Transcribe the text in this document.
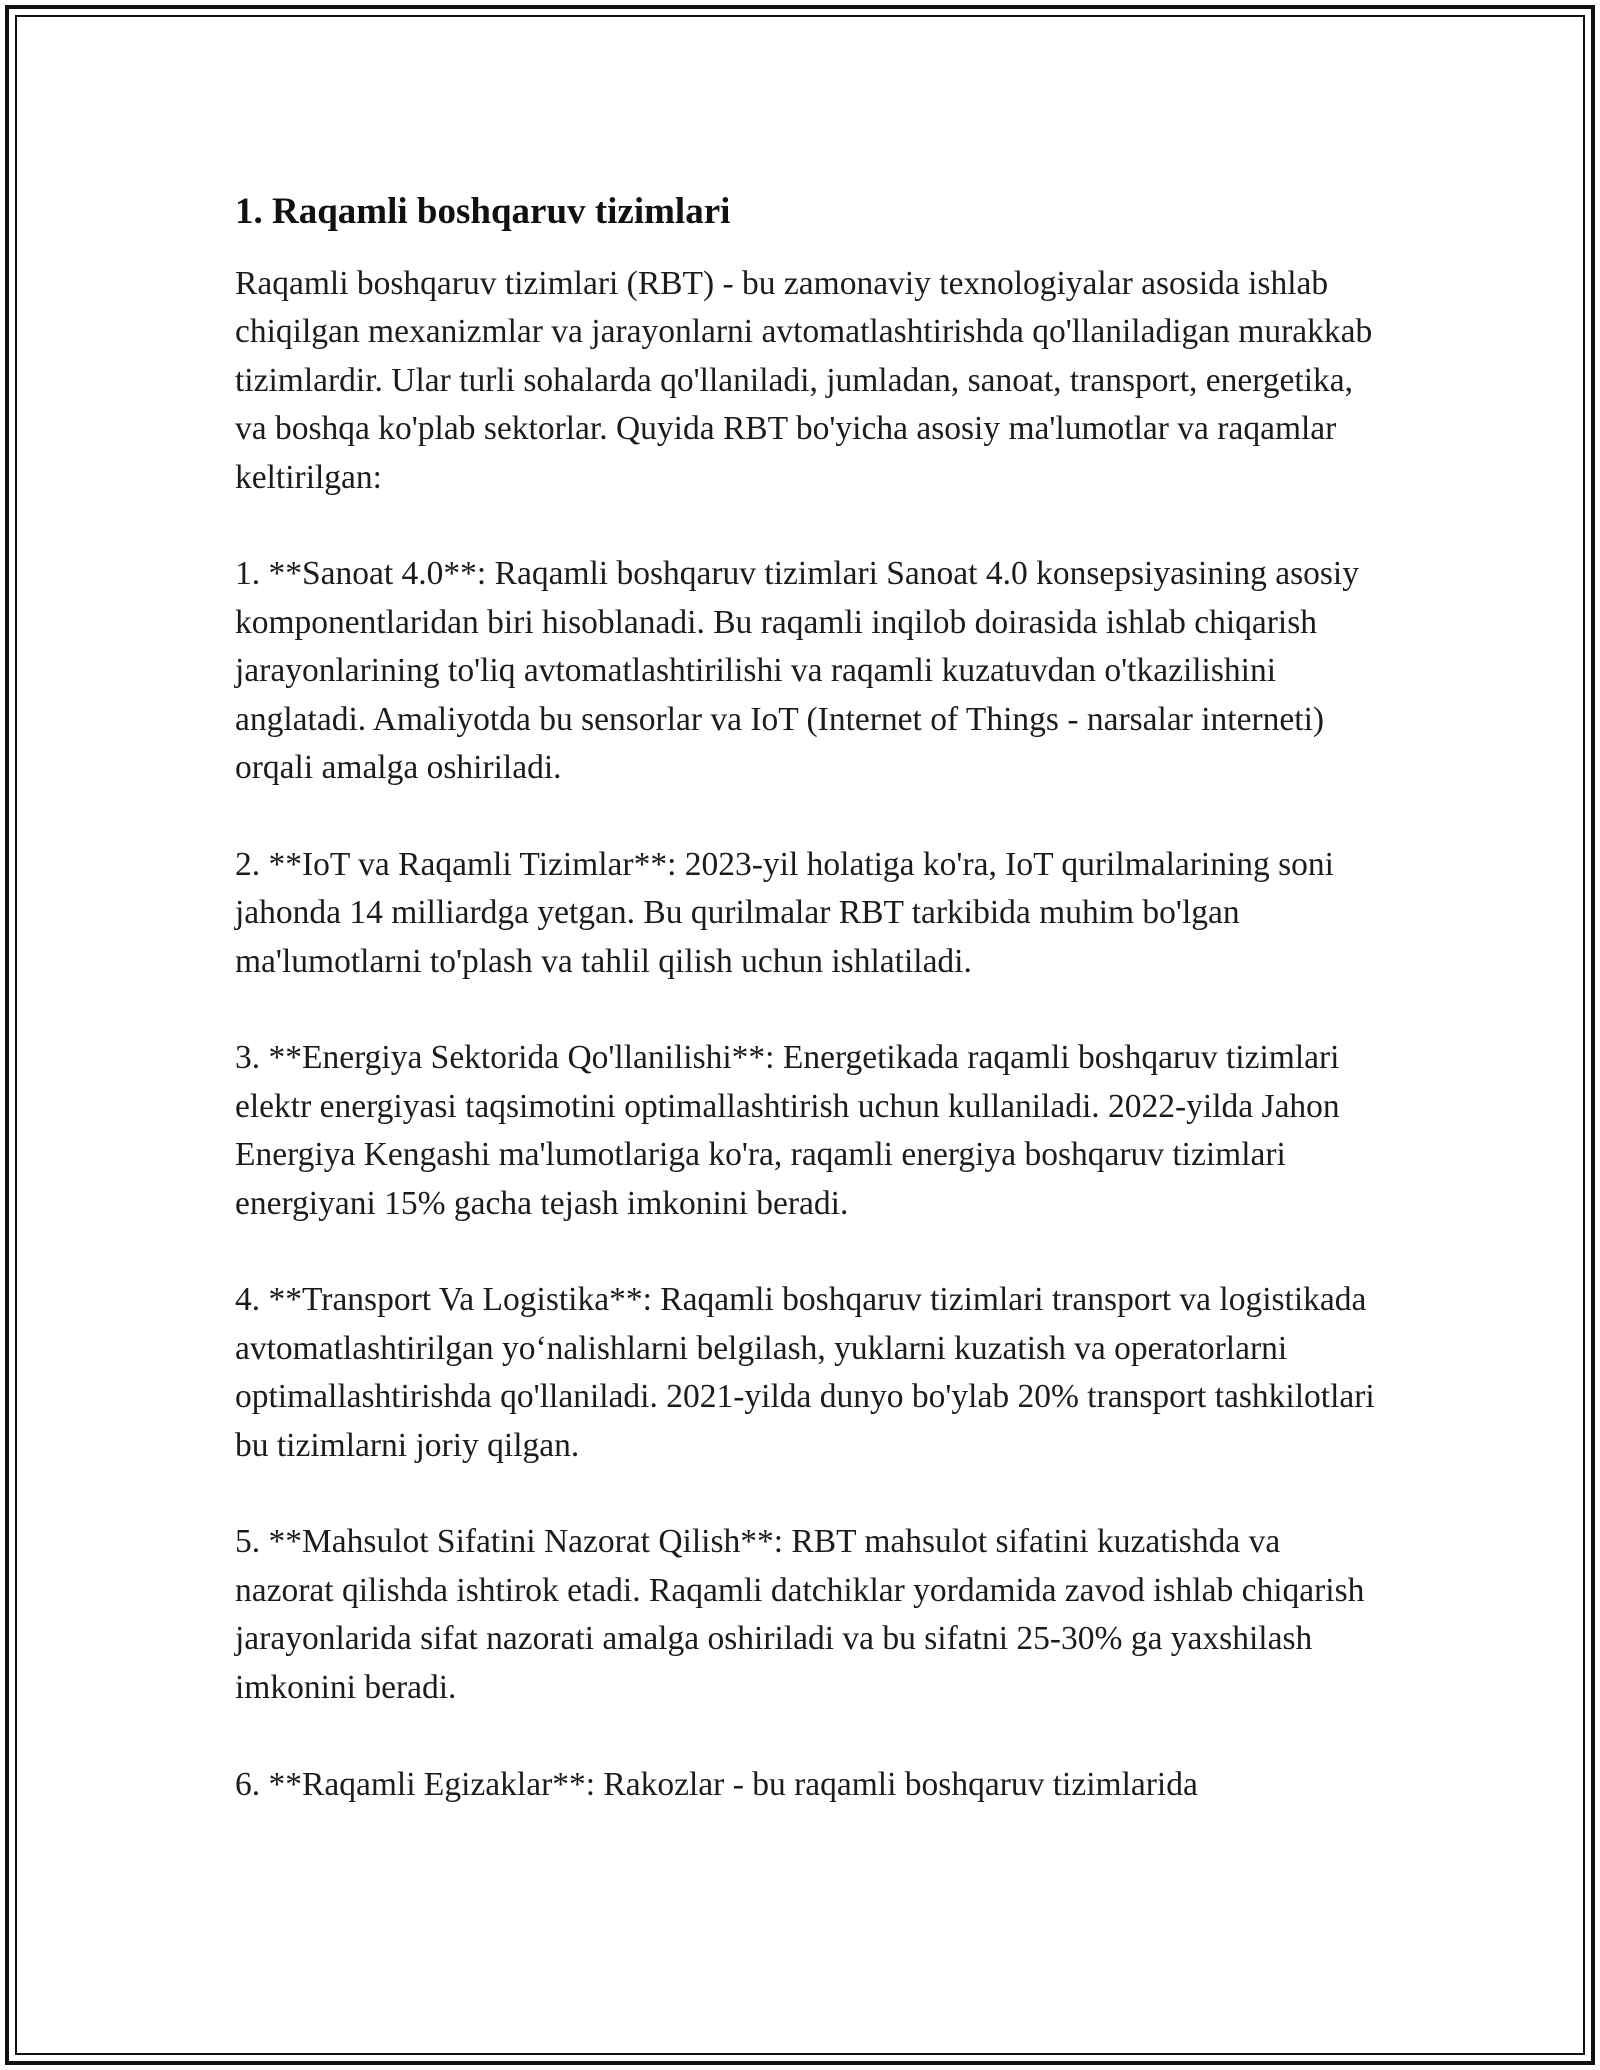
1. Raqamli boshqaruv tizimlari

Raqamli boshqaruv tizimlari (RBT) - bu zamonaviy texnologiyalar asosida ishlab chiqilgan mexanizmlar va jarayonlarni avtomatlashtirishda qo'llaniladigan murakkab tizimlardir. Ular turli sohalarda qo'llaniladi, jumladan, sanoat, transport, energetika, va boshqa ko'plab sektorlar. Quyida RBT bo'yicha asosiy ma'lumotlar va raqamlar keltirilgan:

1. **Sanoat 4.0**: Raqamli boshqaruv tizimlari Sanoat 4.0 konsepsiyasining asosiy komponentlaridan biri hisoblanadi. Bu raqamli inqilob doirasida ishlab chiqarish jarayonlarining to'liq avtomatlashtirilishi va raqamli kuzatuvdan o'tkazilishini anglatadi. Amaliyotda bu sensorlar va IoT (Internet of Things - narsalar interneti) orqali amalga oshiriladi.

2. **IoT va Raqamli Tizimlar**: 2023-yil holatiga ko'ra, IoT qurilmalarining soni jahonda 14 milliardga yetgan. Bu qurilmalar RBT tarkibida muhim bo'lgan ma'lumotlarni to'plash va tahlil qilish uchun ishlatiladi.

3. **Energiya Sektorida Qo'llanilishi**: Energetikada raqamli boshqaruv tizimlari elektr energiyasi taqsimotini optimallashtirish uchun kullaniladi. 2022-yilda Jahon Energiya Kengashi ma'lumotlariga ko'ra, raqamli energiya boshqaruv tizimlari energiyani 15% gacha tejash imkonini beradi.

4. **Transport Va Logistika**: Raqamli boshqaruv tizimlari transport va logistikada avtomatlashtirilgan yo‘nalishlarni belgilash, yuklarni kuzatish va operatorlarni optimallashtirishda qo'llaniladi. 2021-yilda dunyo bo'ylab 20% transport tashkilotlari bu tizimlarni joriy qilgan.

5. **Mahsulot Sifatini Nazorat Qilish**: RBT mahsulot sifatini kuzatishda va nazorat qilishda ishtirok etadi. Raqamli datchiklar yordamida zavod ishlab chiqarish jarayonlarida sifat nazorati amalga oshiriladi va bu sifatni 25-30% ga yaxshilash imkonini beradi.

6. **Raqamli Egizaklar**: Rakozlar - bu raqamli boshqaruv tizimlarida
